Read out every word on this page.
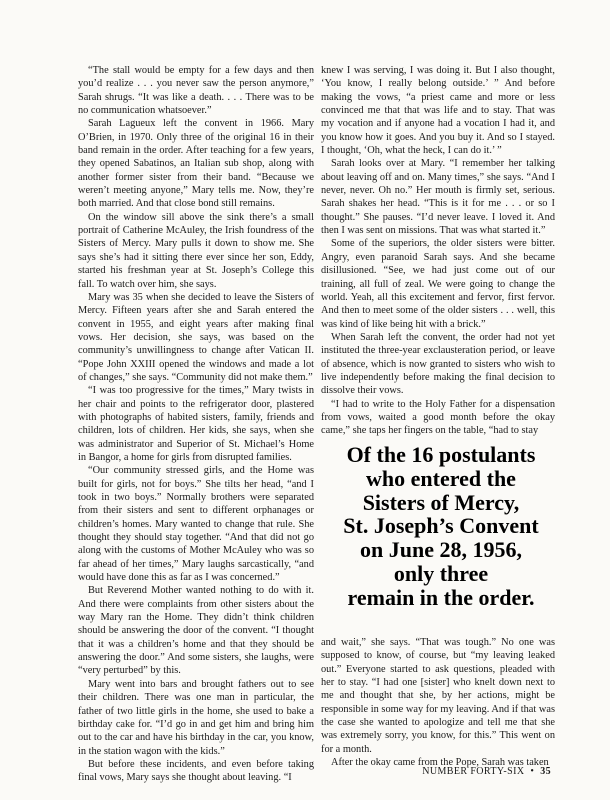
“The stall would be empty for a few days and then you’d realize . . . you never saw the person anymore,” Sarah shrugs. “It was like a death. . . . There was to be no communication whatsoever.”

Sarah Lagueux left the convent in 1966. Mary O’Brien, in 1970. Only three of the original 16 in their band remain in the order. After teaching for a few years, they opened Sabatinos, an Italian sub shop, along with another former sister from their band. “Because we weren’t meeting anyone,” Mary tells me. Now, they’re both married. And that close bond still remains.

On the window sill above the sink there’s a small portrait of Catherine McAuley, the Irish foundress of the Sisters of Mercy. Mary pulls it down to show me. She says she’s had it sitting there ever since her son, Eddy, started his freshman year at St. Joseph’s College this fall. To watch over him, she says.

Mary was 35 when she decided to leave the Sisters of Mercy. Fifteen years after she and Sarah entered the convent in 1955, and eight years after making final vows. Her decision, she says, was based on the community’s unwillingness to change after Vatican II. “Pope John XXIII opened the windows and made a lot of changes,” she says. “Community did not make them.”

“I was too progressive for the times,” Mary twists in her chair and points to the refrigerator door, plastered with photographs of habited sisters, family, friends and children, lots of children. Her kids, she says, when she was administrator and Superior of St. Michael’s Home in Bangor, a home for girls from disrupted families.

“Our community stressed girls, and the Home was built for girls, not for boys.” She tilts her head, “and I took in two boys.” Normally brothers were separated from their sisters and sent to different orphanages or children’s homes. Mary wanted to change that rule. She thought they should stay together. “And that did not go along with the customs of Mother McAuley who was so far ahead of her times,” Mary laughs sarcastically, “and would have done this as far as I was concerned.”

But Reverend Mother wanted nothing to do with it. And there were complaints from other sisters about the way Mary ran the Home. They didn’t think children should be answering the door of the convent. “I thought that it was a children’s home and that they should be answering the door.” And some sisters, she laughs, were “very perturbed” by this.

Mary went into bars and brought fathers out to see their children. There was one man in particular, the father of two little girls in the home, she used to bake a birthday cake for. “I’d go in and get him and bring him out to the car and have his birthday in the car, you know, in the station wagon with the kids.”

But before these incidents, and even before taking final vows, Mary says she thought about leaving. “I

knew I was serving, I was doing it. But I also thought, ‘You know, I really belong outside.’ ” And before making the vows, “a priest came and more or less convinced me that that was life and to stay. That was my vocation and if anyone had a vocation I had it, and you know how it goes. And you buy it. And so I stayed. I thought, ‘Oh, what the heck, I can do it.’ ”

Sarah looks over at Mary. “I remember her talking about leaving off and on. Many times,” she says. “And I never, never. Oh no.” Her mouth is firmly set, serious. Sarah shakes her head. “This is it for me . . . or so I thought.” She pauses. “I’d never leave. I loved it. And then I was sent on missions. That was what started it.”

Some of the superiors, the older sisters were bitter. Angry, even paranoid Sarah says. And she became disillusioned. “See, we had just come out of our training, all full of zeal. We were going to change the world. Yeah, all this excitement and fervor, first fervor. And then to meet some of the older sisters . . . well, this was kind of like being hit with a brick.”

When Sarah left the convent, the order had not yet instituted the three-year exclausteration period, or leave of absence, which is now granted to sisters who wish to live independently before making the final decision to dissolve their vows.

“I had to write to the Holy Father for a dispensation from vows, waited a good month before the okay came,” she taps her fingers on the table, “had to stay

Of the 16 postulants
who entered the
Sisters of Mercy,
St. Joseph’s Convent
on June 28, 1956,
only three
remain in the order.

and wait,” she says. “That was tough.” No one was supposed to know, of course, but “my leaving leaked out.” Everyone started to ask questions, pleaded with her to stay. “I had one [sister] who knelt down next to me and thought that she, by her actions, might be responsible in some way for my leaving. And if that was the case she wanted to apologize and tell me that she was extremely sorry, you know, for this.” This went on for a month.

After the okay came from the Pope, Sarah was taken

NUMBER FORTY-SIX • 35
